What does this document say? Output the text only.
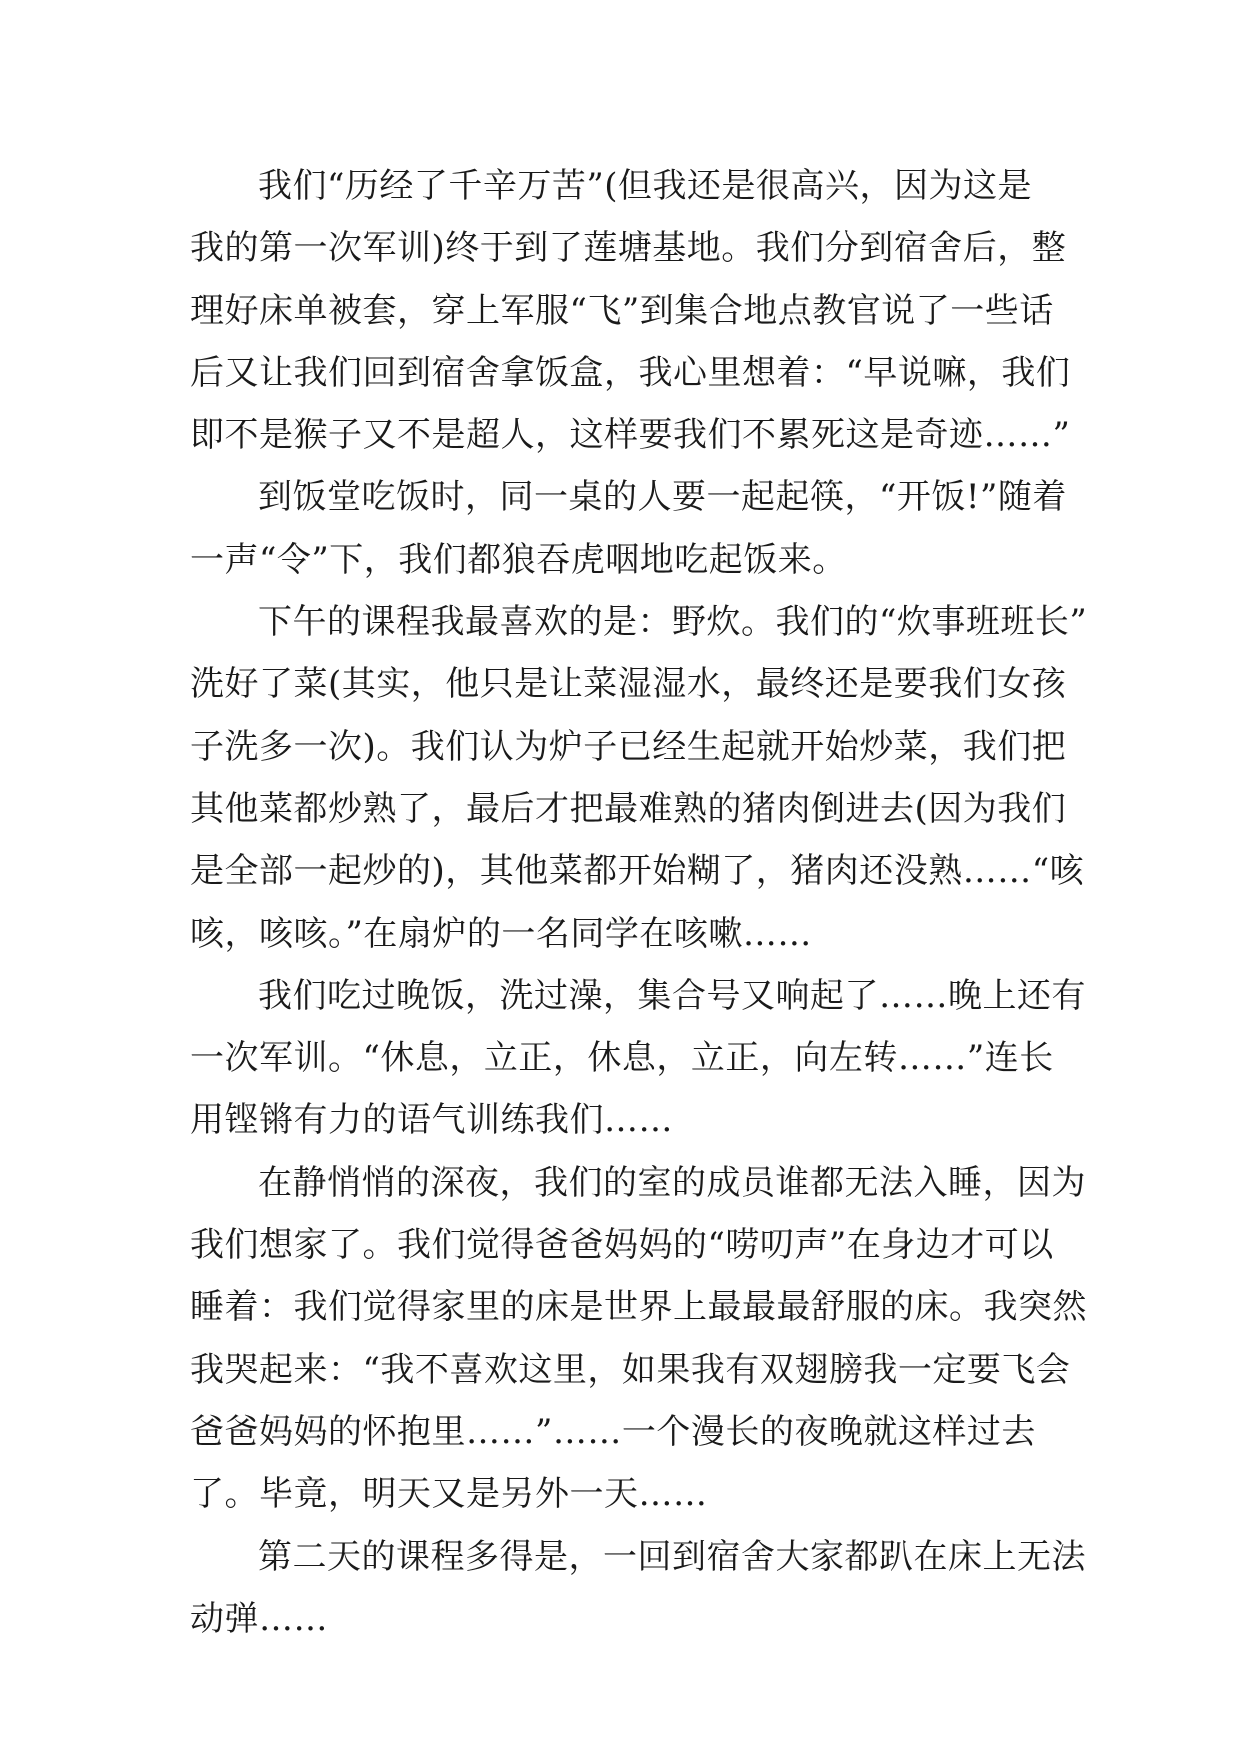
我们“历经了千辛万苦”(但我还是很高兴，因为这是
我的第一次军训)终于到了莲塘基地。我们分到宿舍后，整
理好床单被套，穿上军服“飞”到集合地点教官说了一些话
后又让我们回到宿舍拿饭盒，我心里想着：“早说嘛，我们
即不是猴子又不是超人，这样要我们不累死这是奇迹……”
到饭堂吃饭时，同一桌的人要一起起筷，“开饭!”随着
一声“令”下，我们都狼吞虎咽地吃起饭来。
下午的课程我最喜欢的是：野炊。我们的“炊事班班长”
洗好了菜(其实，他只是让菜湿湿水，最终还是要我们女孩
子洗多一次)。我们认为炉子已经生起就开始炒菜，我们把
其他菜都炒熟了，最后才把最难熟的猪肉倒进去(因为我们
是全部一起炒的)，其他菜都开始糊了，猪肉还没熟……“咳
咳，咳咳。”在扇炉的一名同学在咳嗽……
我们吃过晚饭，洗过澡，集合号又响起了……晚上还有
一次军训。“休息，立正，休息，立正，向左转……”连长
用铿锵有力的语气训练我们……
在静悄悄的深夜，我们的室的成员谁都无法入睡，因为
我们想家了。我们觉得爸爸妈妈的“唠叨声”在身边才可以
睡着：我们觉得家里的床是世界上最最最舒服的床。我突然
我哭起来：“我不喜欢这里，如果我有双翅膀我一定要飞会
爸爸妈妈的怀抱里……”……一个漫长的夜晚就这样过去
了。毕竟，明天又是另外一天……
第二天的课程多得是，一回到宿舍大家都趴在床上无法
动弹……
